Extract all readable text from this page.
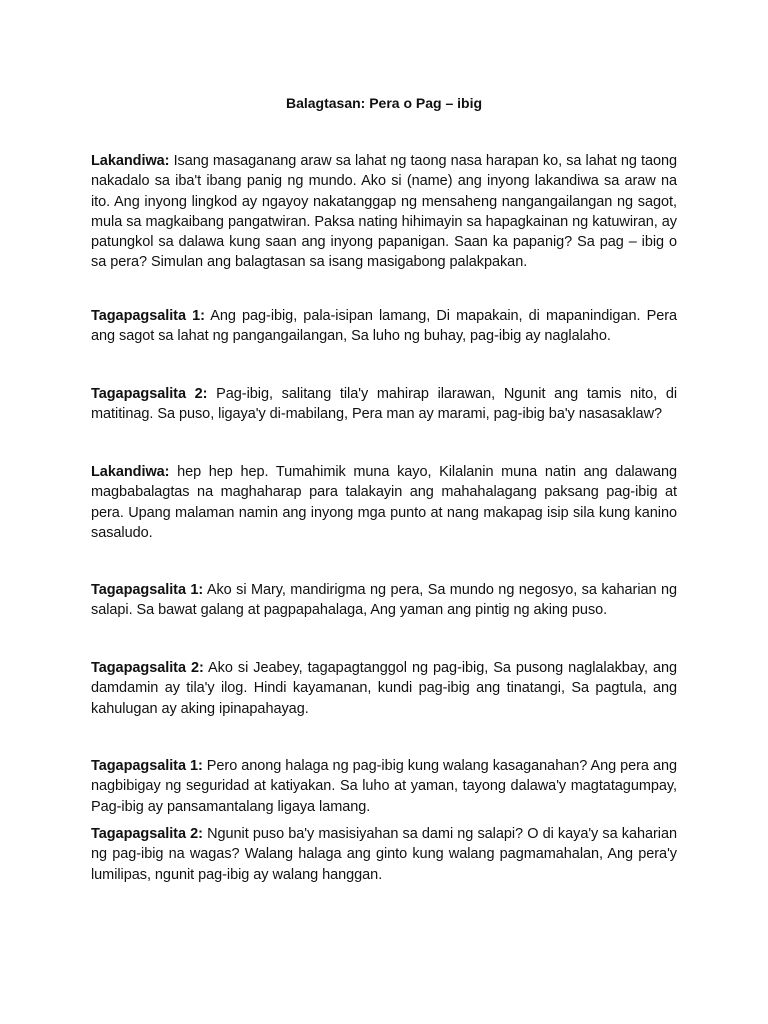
Balagtasan: Pera o Pag – ibig

Lakandiwa: Isang masaganang araw sa lahat ng taong nasa harapan ko, sa lahat ng taong nakadalo sa iba't ibang panig ng mundo. Ako si (name) ang inyong lakandiwa sa araw na ito. Ang inyong lingkod ay ngayoy nakatanggap ng mensaheng nangangailangan ng sagot, mula sa magkaibang pangatwiran. Paksa nating hihimayin sa hapagkainan ng katuwiran, ay patungkol sa dalawa kung saan ang inyong papanigan. Saan ka papanig? Sa pag – ibig o sa pera? Simulan ang balagtasan sa isang masigabong palakpakan.

Tagapagsalita 1: Ang pag-ibig, pala-isipan lamang, Di mapakain, di mapanindigan. Pera ang sagot sa lahat ng pangangailangan, Sa luho ng buhay, pag-ibig ay naglalaho.

Tagapagsalita 2: Pag-ibig, salitang tila'y mahirap ilarawan, Ngunit ang tamis nito, di matitinag. Sa puso, ligaya'y di-mabilang, Pera man ay marami, pag-ibig ba'y nasasaklaw?

Lakandiwa: hep hep hep. Tumahimik muna kayo, Kilalanin muna natin ang dalawang magbabalagtas na maghaharap para talakayin ang mahahalagang paksang pag-ibig at pera. Upang malaman namin ang inyong mga punto at nang makapag isip sila kung kanino sasaludo.

Tagapagsalita 1: Ako si Mary, mandirigma ng pera, Sa mundo ng negosyo, sa kaharian ng salapi. Sa bawat galang at pagpapahalaga, Ang yaman ang pintig ng aking puso.

Tagapagsalita 2: Ako si Jeabey, tagapagtanggol ng pag-ibig, Sa pusong naglalakbay, ang damdamin ay tila'y ilog. Hindi kayamanan, kundi pag-ibig ang tinatangi, Sa pagtula, ang kahulugan ay aking ipinapahayag.

Tagapagsalita 1: Pero anong halaga ng pag-ibig kung walang kasaganahan? Ang pera ang nagbibigay ng seguridad at katiyakan. Sa luho at yaman, tayong dalawa'y magtatagumpay, Pag-ibig ay pansamantalang ligaya lamang.

Tagapagsalita 2: Ngunit puso ba'y masisiyahan sa dami ng salapi? O di kaya'y sa kaharian ng pag-ibig na wagas? Walang halaga ang ginto kung walang pagmamahalan, Ang pera'y lumilipas, ngunit pag-ibig ay walang hanggan.
